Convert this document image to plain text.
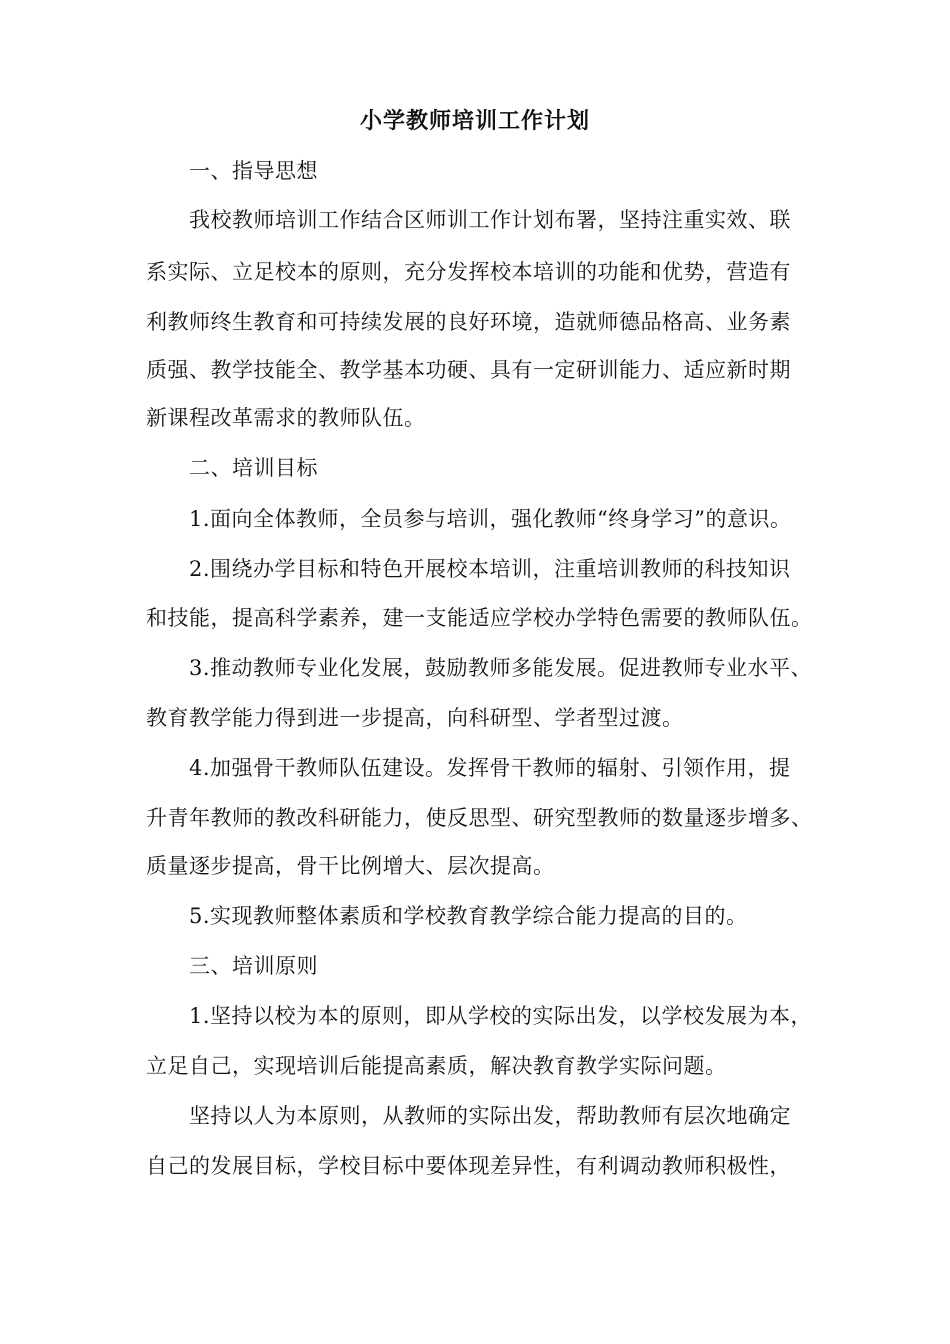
小学教师培训工作计划
一、指导思想
我校教师培训工作结合区师训工作计划布署，坚持注重实效、联
系实际、立足校本的原则，充分发挥校本培训的功能和优势，营造有
利教师终生教育和可持续发展的良好环境，造就师德品格高、业务素
质强、教学技能全、教学基本功硬、具有一定研训能力、适应新时期
新课程改革需求的教师队伍。
二、培训目标
1.面向全体教师，全员参与培训，强化教师“终身学习”的意识。
2.围绕办学目标和特色开展校本培训，注重培训教师的科技知识
和技能，提高科学素养，建一支能适应学校办学特色需要的教师队伍。
3.推动教师专业化发展，鼓励教师多能发展。促进教师专业水平、
教育教学能力得到进一步提高，向科研型、学者型过渡。
4.加强骨干教师队伍建设。发挥骨干教师的辐射、引领作用，提
升青年教师的教改科研能力，使反思型、研究型教师的数量逐步增多、
质量逐步提高，骨干比例增大、层次提高。
5.实现教师整体素质和学校教育教学综合能力提高的目的。
三、培训原则
1.坚持以校为本的原则，即从学校的实际出发，以学校发展为本，
立足自己，实现培训后能提高素质，解决教育教学实际问题。
坚持以人为本原则，从教师的实际出发，帮助教师有层次地确定
自己的发展目标，学校目标中要体现差异性，有利调动教师积极性，
